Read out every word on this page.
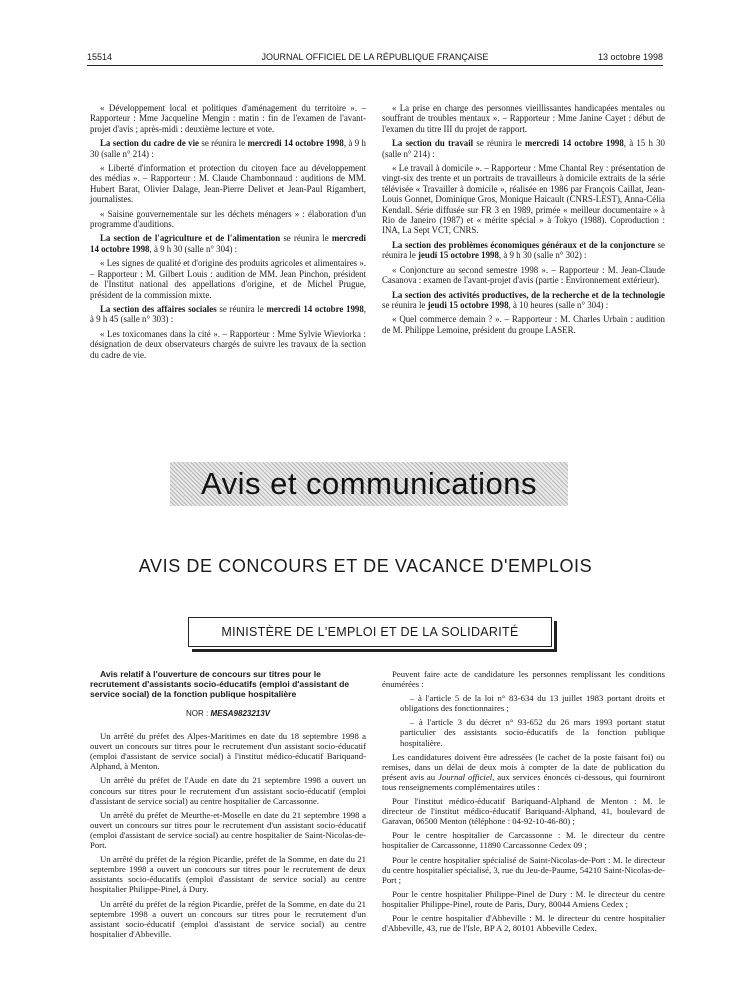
15514	JOURNAL OFFICIEL DE LA RÉPUBLIQUE FRANÇAISE	13 octobre 1998

« Développement local et politiques d'aménagement du territoire ». – Rapporteur : Mme Jacqueline Mengin : matin : fin de l'examen de l'avant-projet d'avis ; après-midi : deuxième lecture et vote.

La section du cadre de vie se réunira le mercredi 14 octobre 1998, à 9 h 30 (salle n° 214) :

« Liberté d'information et protection du citoyen face au développement des médias ». – Rapporteur : M. Claude Chambonnaud : auditions de MM. Hubert Barat, Olivier Dalage, Jean-Pierre Delivet et Jean-Paul Rigambert, journalistes.

« Saisine gouvernementale sur les déchets ménagers » : élaboration d'un programme d'auditions.

La section de l'agriculture et de l'alimentation se réunira le mercredi 14 octobre 1998, à 9 h 30 (salle n° 304) :

« Les signes de qualité et d'origine des produits agricoles et alimentaires ». – Rapporteur : M. Gilbert Louis : audition de MM. Jean Pinchon, président de l'Institut national des appellations d'origine, et de Michel Prugue, président de la commission mixte.

La section des affaires sociales se réunira le mercredi 14 octobre 1998, à 9 h 45 (salle n° 303) :

« Les toxicomanes dans la cité ». – Rapporteur : Mme Sylvie Wieviorka : désignation de deux observateurs chargés de suivre les travaux de la section du cadre de vie.

« La prise en charge des personnes vieillissantes handicapées mentales ou souffrant de troubles mentaux ». – Rapporteur : Mme Janine Cayet : début de l'examen du titre III du projet de rapport.

La section du travail se réunira le mercredi 14 octobre 1998, à 15 h 30 (salle n° 214) :

« Le travail à domicile ». – Rapporteur : Mme Chantal Rey : présentation de vingt-six des trente et un portraits de travailleurs à domicile extraits de la série télévisée « Travailler à domicile », réalisée en 1986 par François Caillat, Jean-Louis Gonnet, Dominique Gros, Monique Haicault (CNRS-LEST), Anna-Célia Kendall. Série diffusée sur FR 3 en 1989, primée « meilleur documentaire » à Rio de Janeiro (1987) et « mérite spécial » à Tokyo (1988). Coproduction : INA, La Sept VCT, CNRS.

La section des problèmes économiques généraux et de la conjoncture se réunira le jeudi 15 octobre 1998, à 9 h 30 (salle n° 302) :

« Conjoncture au second semestre 1998 ». – Rapporteur : M. Jean-Claude Casanova : examen de l'avant-projet d'avis (partie : Environnement extérieur).

La section des activités productives, de la recherche et de la technologie se réunira le jeudi 15 octobre 1998, à 10 heures (salle n° 304) :

« Quel commerce demain ? ». – Rapporteur : M. Charles Urbain : audition de M. Philippe Lemoine, président du groupe LASER.

Avis et communications
AVIS DE CONCOURS ET DE VACANCE D'EMPLOIS
MINISTÈRE DE L'EMPLOI ET DE LA SOLIDARITÉ

Avis relatif à l'ouverture de concours sur titres pour le recrutement d'assistants socio-éducatifs (emploi d'assistant de service social) de la fonction publique hospitalière

NOR : MESA9823213V

Un arrêté du préfet des Alpes-Maritimes en date du 18 septembre 1998 a ouvert un concours sur titres pour le recrutement d'un assistant socio-éducatif (emploi d'assistant de service social) à l'institut médico-éducatif Bariquand-Alphand, à Menton.

Un arrêté du préfet de l'Aude en date du 21 septembre 1998 a ouvert un concours sur titres pour le recrutement d'un assistant socio-éducatif (emploi d'assistant de service social) au centre hospitalier de Carcassonne.

Un arrêté du préfet de Meurthe-et-Moselle en date du 21 septembre 1998 a ouvert un concours sur titres pour le recrutement d'un assistant socio-éducatif (emploi d'assistant de service social) au centre hospitalier de Saint-Nicolas-de-Port.

Un arrêté du préfet de la région Picardie, préfet de la Somme, en date du 21 septembre 1998 a ouvert un concours sur titres pour le recrutement de deux assistants socio-éducatifs (emploi d'assistant de service social) au centre hospitalier Philippe-Pinel, à Dury.

Un arrêté du préfet de la région Picardie, préfet de la Somme, en date du 21 septembre 1998 a ouvert un concours sur titres pour le recrutement d'un assistant socio-éducatif (emploi d'assistant de service social) au centre hospitalier d'Abbeville.

Peuvent faire acte de candidature les personnes remplissant les conditions énumérées :

– à l'article 5 de la loi n° 83-634 du 13 juillet 1983 portant droits et obligations des fonctionnaires ;

– à l'article 3 du décret n° 93-652 du 26 mars 1993 portant statut particulier des assistants socio-éducatifs de la fonction publique hospitalière.

Les candidatures doivent être adressées (le cachet de la poste faisant foi) ou remises, dans un délai de deux mois à compter de la date de publication du présent avis au Journal officiel, aux services énoncés ci-dessous, qui fourniront tous renseignements complémentaires utiles :

Pour l'institut médico-éducatif Bariquand-Alphand de Menton : M. le directeur de l'institut médico-éducatif Bariquand-Alphand, 41, boulevard de Garavan, 06500 Menton (téléphone : 04-92-10-46-80) ;

Pour le centre hospitalier de Carcassonne : M. le directeur du centre hospitalier de Carcassonne, 11890 Carcassonne Cedex 09 ;

Pour le centre hospitalier spécialisé de Saint-Nicolas-de-Port : M. le directeur du centre hospitalier spécialisé, 3, rue du Jeu-de-Paume, 54210 Saint-Nicolas-de-Port ;

Pour le centre hospitalier Philippe-Pinel de Dury : M. le directeur du centre hospitalier Philippe-Pinel, route de Paris, Dury, 80044 Amiens Cedex ;

Pour le centre hospitalier d'Abbeville : M. le directeur du centre hospitalier d'Abbeville, 43, rue de l'Isle, BP A 2, 80101 Abbeville Cedex.
